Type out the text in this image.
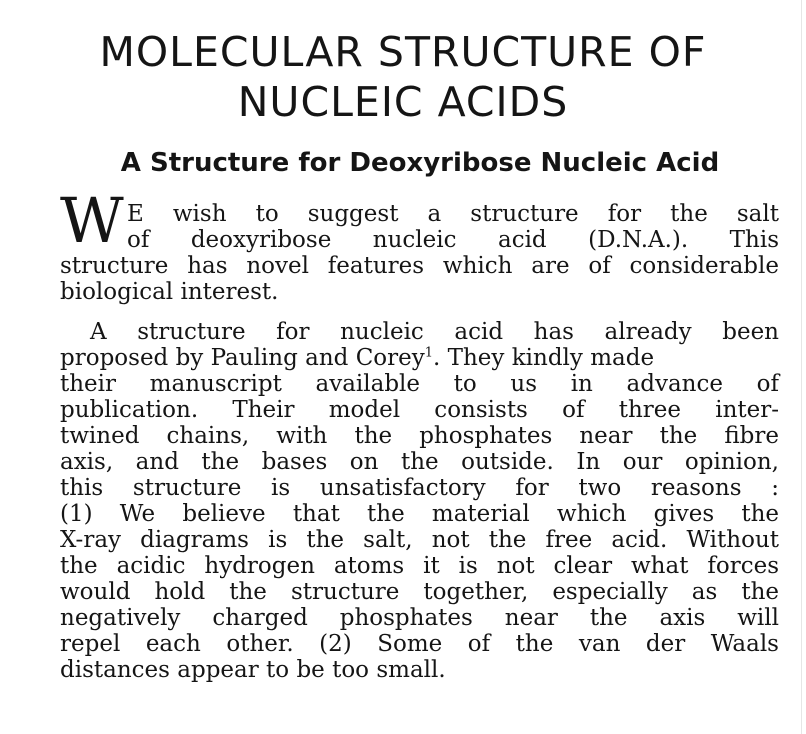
MOLECULAR STRUCTURE OF
NUCLEIC ACIDS
A Structure for Deoxyribose Nucleic Acid
W E wish to suggest a structure for the salt
of deoxyribose nucleic acid (D.N.A.). This
structure has novel features which are of considerable
biological interest.
A structure for nucleic acid has already been
proposed by Pauling and Corey$^1$. They kindly made
their manuscript available to us in advance of
publication. Their model consists of three inter-
twined chains, with the phosphates near the fibre
axis, and the bases on the outside. In our opinion,
this structure is unsatisfactory for two reasons :
(1) We believe that the material which gives the
X-ray diagrams is the salt, not the free acid. Without
the acidic hydrogen atoms it is not clear what forces
would hold the structure together, especially as the
negatively charged phosphates near the axis will
repel each other. (2) Some of the van der Waals
distances appear to be too small.
